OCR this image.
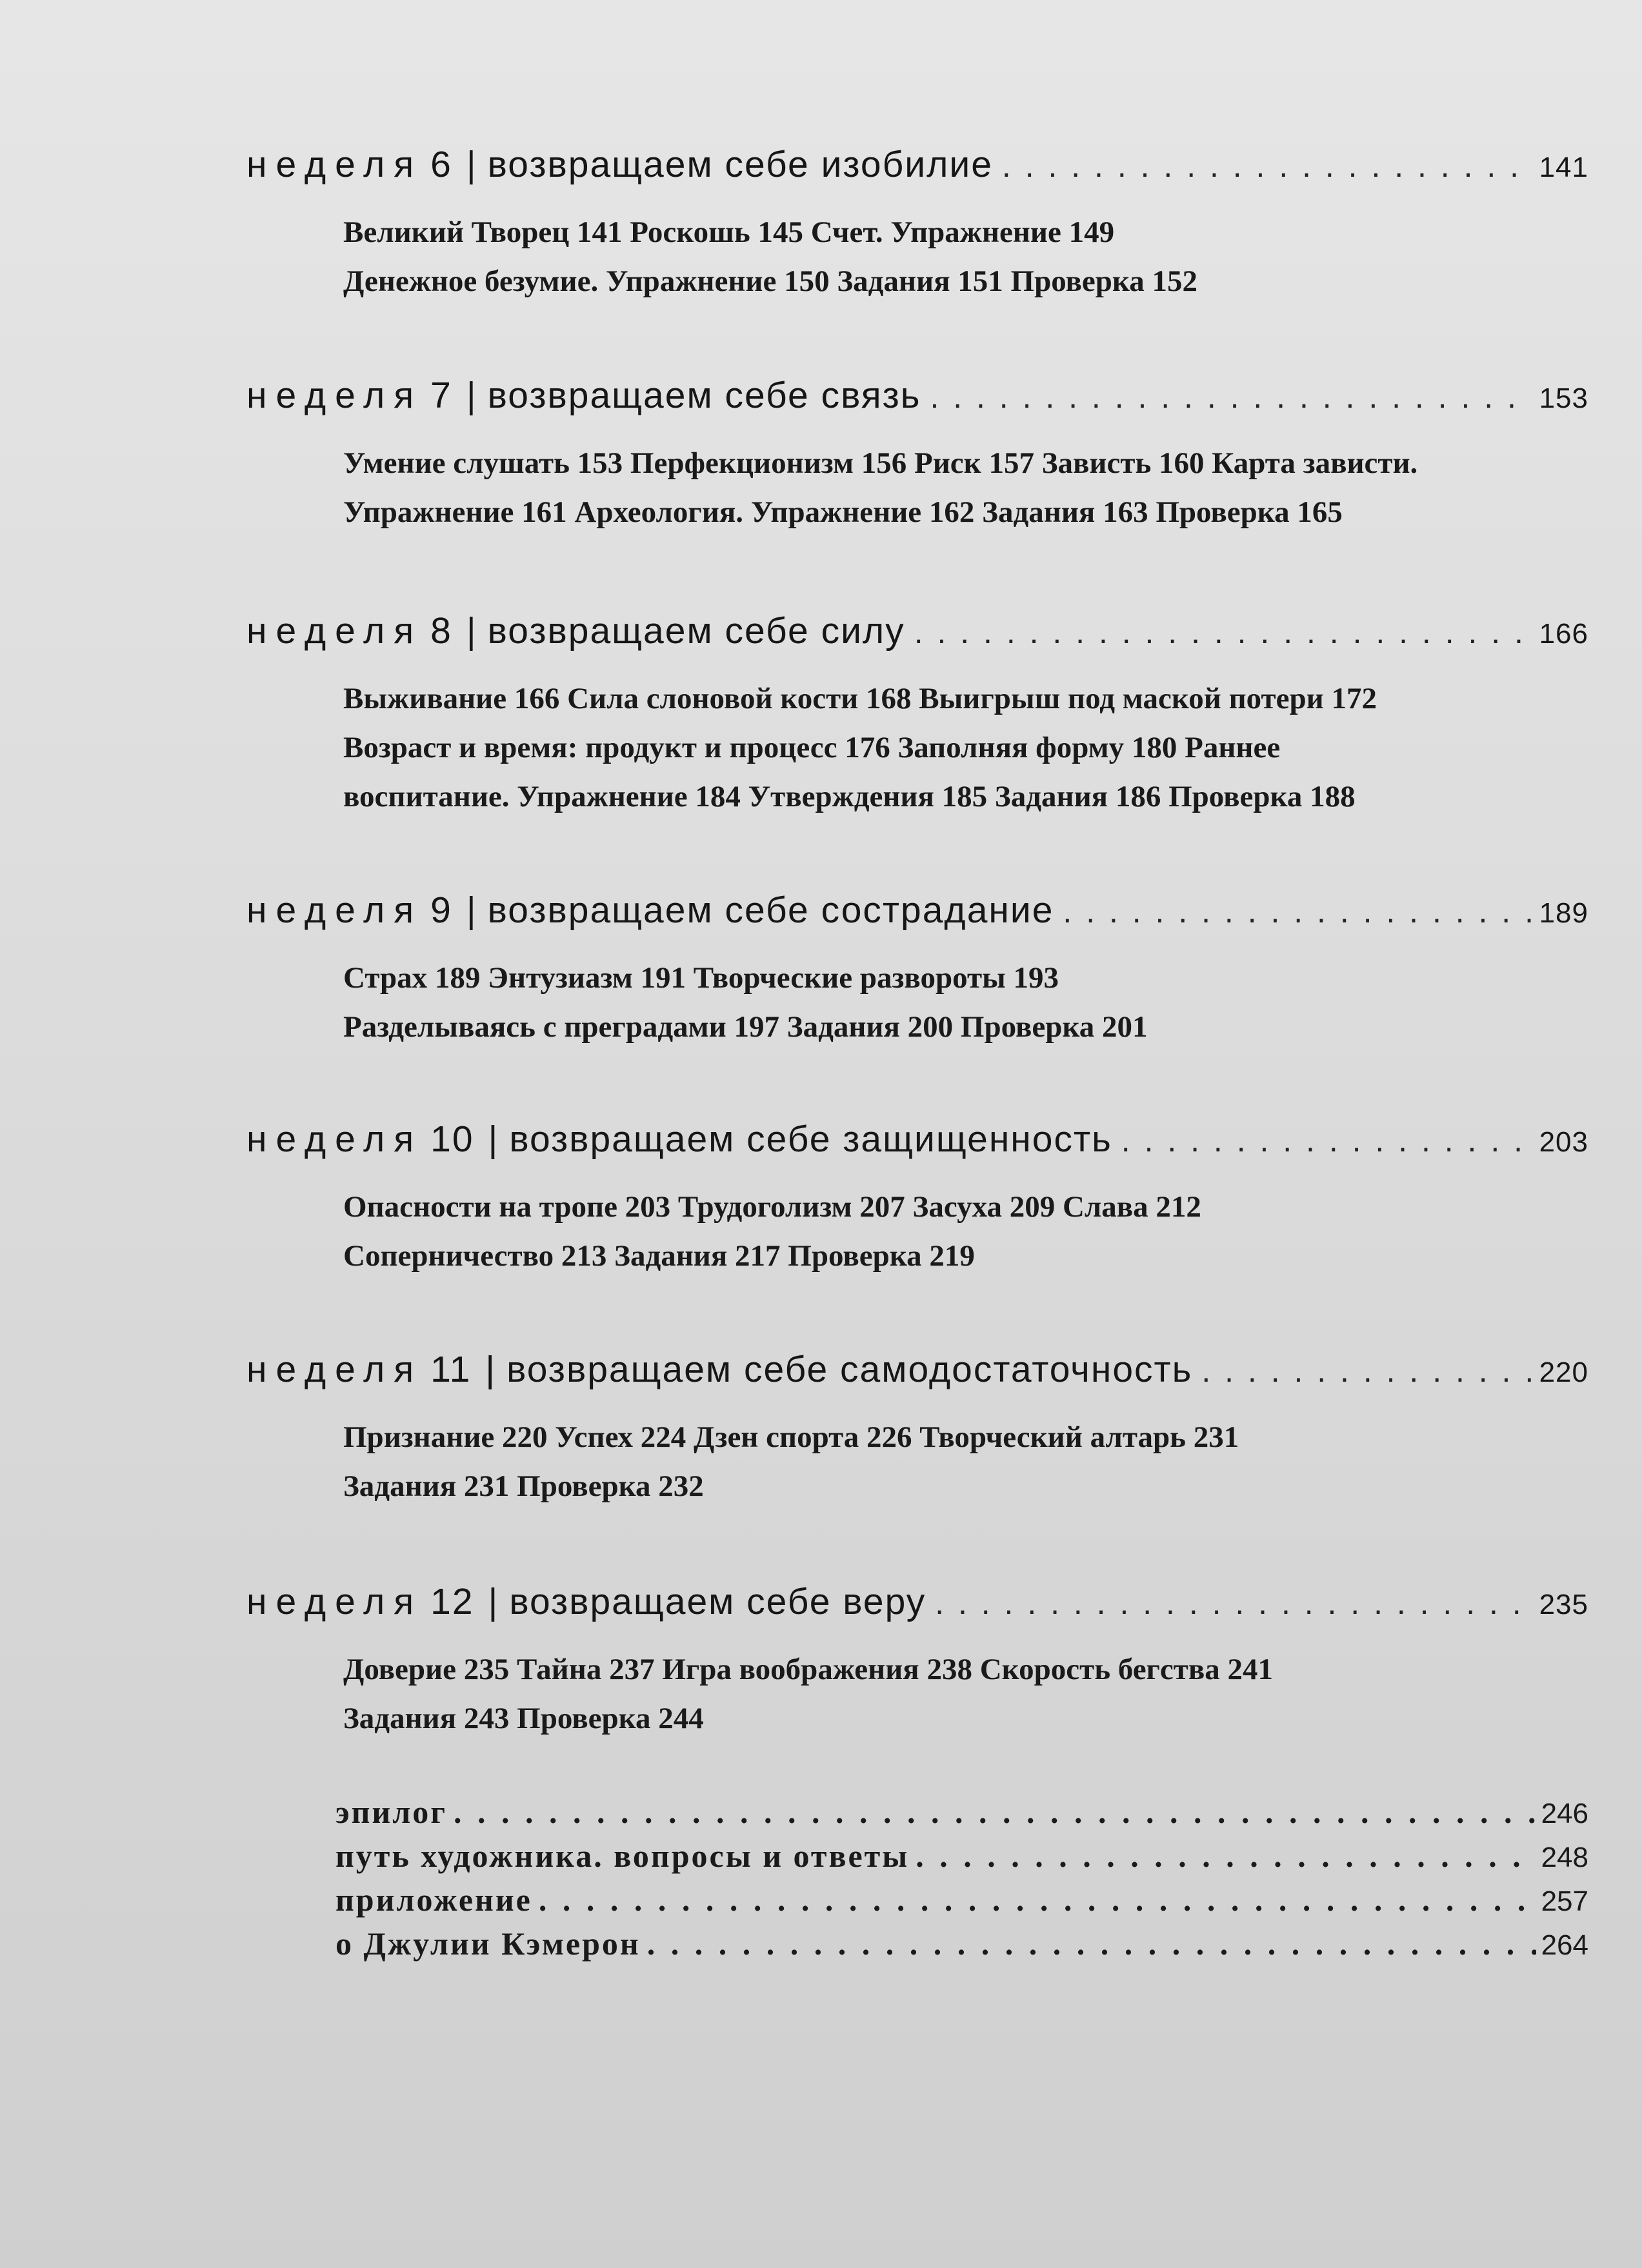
неделя 6 | возвращаем себе изобилие . . .	141
Великий Творец 141 Роскошь 145 Счет. Упражнение 149
Денежное безумие. Упражнение 150 Задания 151 Проверка 152
неделя 7 | возвращаем себе связь . . .	153
Умение слушать 153 Перфекционизм 156 Риск 157 Зависть 160 Карта зависти.
Упражнение 161 Археология. Упражнение 162 Задания 163 Проверка 165
неделя 8 | возвращаем себе силу . . .	166
Выживание 166 Сила слоновой кости 168 Выигрыш под маской потери 172
Возраст и время: продукт и процесс 176 Заполняя форму 180 Раннее
воспитание. Упражнение 184 Утверждения 185 Задания 186 Проверка 188
неделя 9 | возвращаем себе сострадание . . .	189
Страх 189 Энтузиазм 191 Творческие развороты 193
Разделываясь с преградами 197 Задания 200 Проверка 201
неделя 10 | возвращаем себе защищенность . . .	203
Опасности на тропе 203 Трудоголизм 207 Засуха 209 Слава 212
Соперничество 213 Задания 217 Проверка 219
неделя 11 | возвращаем себе самодостаточность . . .	220
Признание 220 Успех 224 Дзен спорта 226 Творческий алтарь 231
Задания 231 Проверка 232
неделя 12 | возвращаем себе веру . . .	235
Доверие 235 Тайна 237 Игра воображения 238 Скорость бегства 241
Задания 243 Проверка 244
эпилог . . .	246
путь художника. вопросы и ответы . . .	248
приложение . . .	257
о Джулии Кэмерон . . .	264
